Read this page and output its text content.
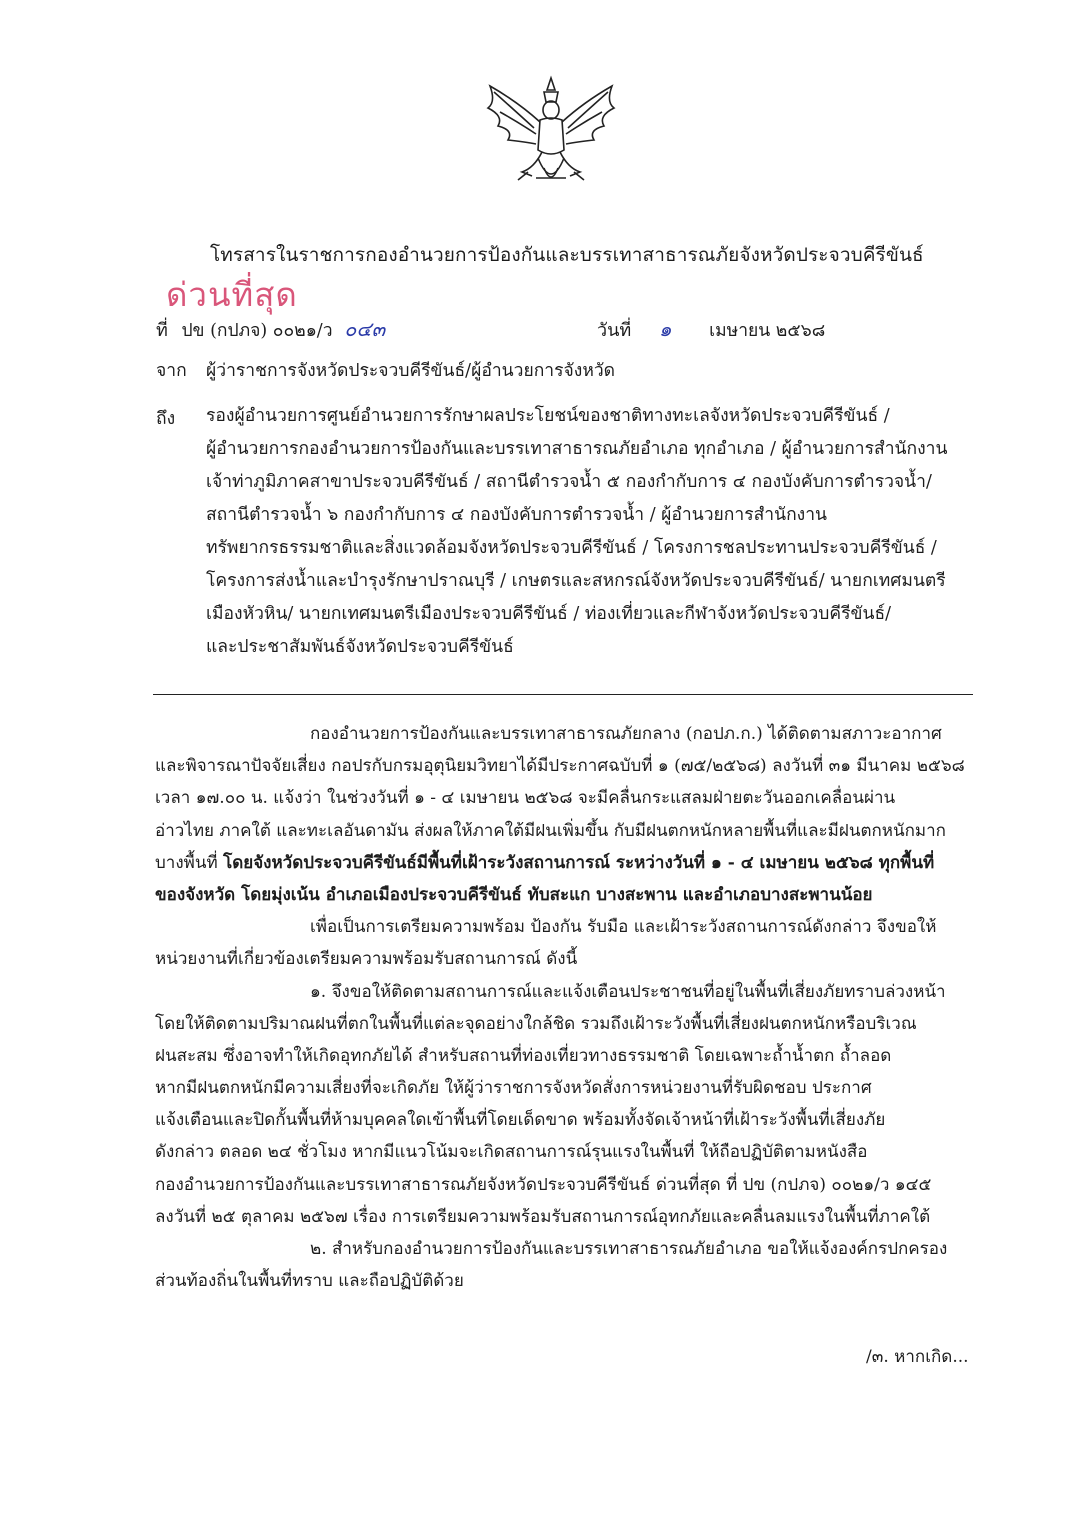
โทรสารในราชการกองอำนวยการป้องกันและบรรเทาสาธารณภัยจังหวัดประจวบคีรีขันธ์
ด่วนที่สุด
ที่ ปข (กปภจ) ๐๐๒๑/ว ๐๔๓	วันที่ ๑ เมษายน ๒๕๖๘
จาก ผู้ว่าราชการจังหวัดประจวบคีรีขันธ์/ผู้อำนวยการจังหวัด
ถึง รองผู้อำนวยการศูนย์อำนวยการรักษาผลประโยชน์ของชาติทางทะเลจังหวัดประจวบคีรีขันธ์ /
ผู้อำนวยการกองอำนวยการป้องกันและบรรเทาสาธารณภัยอำเภอ ทุกอำเภอ / ผู้อำนวยการสำนักงาน
เจ้าท่าภูมิภาคสาขาประจวบคีรีขันธ์ / สถานีตำรวจน้ำ ๕ กองกำกับการ ๔ กองบังคับการตำรวจน้ำ/
สถานีตำรวจน้ำ ๖ กองกำกับการ ๔ กองบังคับการตำรวจน้ำ / ผู้อำนวยการสำนักงาน
ทรัพยากรธรรมชาติและสิ่งแวดล้อมจังหวัดประจวบคีรีขันธ์ / โครงการชลประทานประจวบคีรีขันธ์ /
โครงการส่งน้ำและบำรุงรักษาปราณบุรี / เกษตรและสหกรณ์จังหวัดประจวบคีรีขันธ์/ นายกเทศมนตรี
เมืองหัวหิน/ นายกเทศมนตรีเมืองประจวบคีรีขันธ์ / ท่องเที่ยวและกีฬาจังหวัดประจวบคีรีขันธ์/
และประชาสัมพันธ์จังหวัดประจวบคีรีขันธ์
กองอำนวยการป้องกันและบรรเทาสาธารณภัยกลาง (กอปภ.ก.) ได้ติดตามสภาวะอากาศ
และพิจารณาปัจจัยเสี่ยง กอปรกับกรมอุตุนิยมวิทยาได้มีประกาศฉบับที่ ๑ (๗๕/๒๕๖๘) ลงวันที่ ๓๑ มีนาคม ๒๕๖๘
เวลา ๑๗.๐๐ น. แจ้งว่า ในช่วงวันที่ ๑ - ๔ เมษายน ๒๕๖๘ จะมีคลื่นกระแสลมฝ่ายตะวันออกเคลื่อนผ่าน
อ่าวไทย ภาคใต้ และทะเลอันดามัน ส่งผลให้ภาคใต้มีฝนเพิ่มขึ้น กับมีฝนตกหนักหลายพื้นที่และมีฝนตกหนักมาก
บางพื้นที่ โดยจังหวัดประจวบคีรีขันธ์มีพื้นที่เฝ้าระวังสถานการณ์ ระหว่างวันที่ ๑ - ๔ เมษายน ๒๕๖๘ ทุกพื้นที่
ของจังหวัด โดยมุ่งเน้น อำเภอเมืองประจวบคีรีขันธ์ ทับสะแก บางสะพาน และอำเภอบางสะพานน้อย
เพื่อเป็นการเตรียมความพร้อม ป้องกัน รับมือ และเฝ้าระวังสถานการณ์ดังกล่าว จึงขอให้
หน่วยงานที่เกี่ยวข้องเตรียมความพร้อมรับสถานการณ์ ดังนี้
๑. จึงขอให้ติดตามสถานการณ์และแจ้งเตือนประชาชนที่อยู่ในพื้นที่เสี่ยงภัยทราบล่วงหน้า
โดยให้ติดตามปริมาณฝนที่ตกในพื้นที่แต่ละจุดอย่างใกล้ชิด รวมถึงเฝ้าระวังพื้นที่เสี่ยงฝนตกหนักหรือบริเวณ
ฝนสะสม ซึ่งอาจทำให้เกิดอุทกภัยได้ สำหรับสถานที่ท่องเที่ยวทางธรรมชาติ โดยเฉพาะถ้ำน้ำตก ถ้ำลอด
หากมีฝนตกหนักมีความเสี่ยงที่จะเกิดภัย ให้ผู้ว่าราชการจังหวัดสั่งการหน่วยงานที่รับผิดชอบ ประกาศ
แจ้งเตือนและปิดกั้นพื้นที่ห้ามบุคคลใดเข้าพื้นที่โดยเด็ดขาด พร้อมทั้งจัดเจ้าหน้าที่เฝ้าระวังพื้นที่เสี่ยงภัย
ดังกล่าว ตลอด ๒๔ ชั่วโมง หากมีแนวโน้มจะเกิดสถานการณ์รุนแรงในพื้นที่ ให้ถือปฏิบัติตามหนังสือ
กองอำนวยการป้องกันและบรรเทาสาธารณภัยจังหวัดประจวบคีรีขันธ์ ด่วนที่สุด ที่ ปข (กปภจ) ๐๐๒๑/ว ๑๔๕
ลงวันที่ ๒๕ ตุลาคม ๒๕๖๗ เรื่อง การเตรียมความพร้อมรับสถานการณ์อุทกภัยและคลื่นลมแรงในพื้นที่ภาคใต้
๒. สำหรับกองอำนวยการป้องกันและบรรเทาสาธารณภัยอำเภอ ขอให้แจ้งองค์กรปกครอง
ส่วนท้องถิ่นในพื้นที่ทราบ และถือปฏิบัติด้วย
/๓. หากเกิด...
